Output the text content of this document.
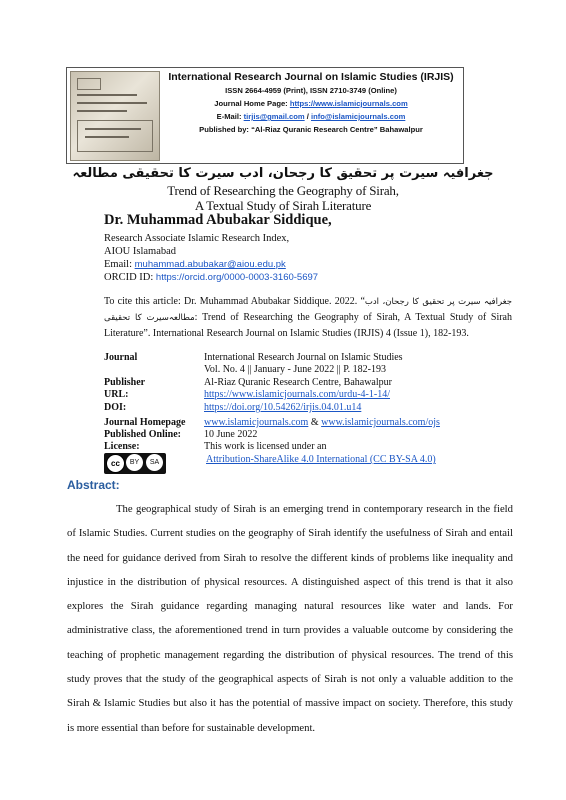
International Research Journal on Islamic Studies (IRJIS)
ISSN 2664-4959 (Print), ISSN 2710-3749 (Online)
Journal Home Page: https://www.islamicjournals.com
E-Mail: tirjis@gmail.com / info@islamicjournals.com
Published by: “Al-Riaz Quranic Research Centre” Bahawalpur
جغرافیہ سیرت پر تحقیق کا رجحان، ادب سیرت کا تحقیقی مطالعہ
Trend of Researching the Geography of Sirah,
A Textual Study of Sirah Literature
Dr. Muhammad Abubakar Siddique,
Research Associate Islamic Research Index,
AIOU Islamabad
Email: muhammad.abubakar@aiou.edu.pk
ORCID ID: https://orcid.org/0000-0003-3160-5697
To cite this article: Dr. Muhammad Abubakar Siddique. 2022. “جغرافیہ سیرت پر تحقیق کا رجحان، ادب سیرت کا تحقیقیمطالعہ: Trend of Researching the Geography of Sirah, A Textual Study of Sirah Literature”. International Research Journal on Islamic Studies (IRJIS) 4 (Issue 1), 182-193.
Journal	International Research Journal on Islamic Studies
Vol. No. 4 || January - June 2022 || P. 182-193
Publisher	Al-Riaz Quranic Research Centre, Bahawalpur
URL:	https://www.islamicjournals.com/urdu-4-1-14/
DOI:	https://doi.org/10.54262/irjis.04.01.u14
Journal Homepage www.islamicjournals.com & www.islamicjournals.com/ojs
Published Online: 10 June 2022
License:	This work is licensed under an
cc	BY	SA	Attribution-ShareAlike 4.0 International (CC BY-SA 4.0)
Abstract:

The geographical study of Sirah is an emerging trend in contemporary research in the field of Islamic Studies. Current studies on the geography of Sirah identify the usefulness of Sirah and entail the need for guidance derived from Sirah to resolve the different kinds of problems like inequality and injustice in the distribution of physical resources. A distinguished aspect of this trend is that it also explores the Sirah guidance regarding managing natural resources like water and lands. For administrative class, the aforementioned trend in turn provides a valuable outcome by considering the teaching of prophetic management regarding the distribution of physical resources. The trend of this study proves that the study of the geographical aspects of Sirah is not only a valuable addition to the Sirah & Islamic Studies but also it has the potential of massive impact on society. Therefore, this study is more essential than before for sustainable development.
